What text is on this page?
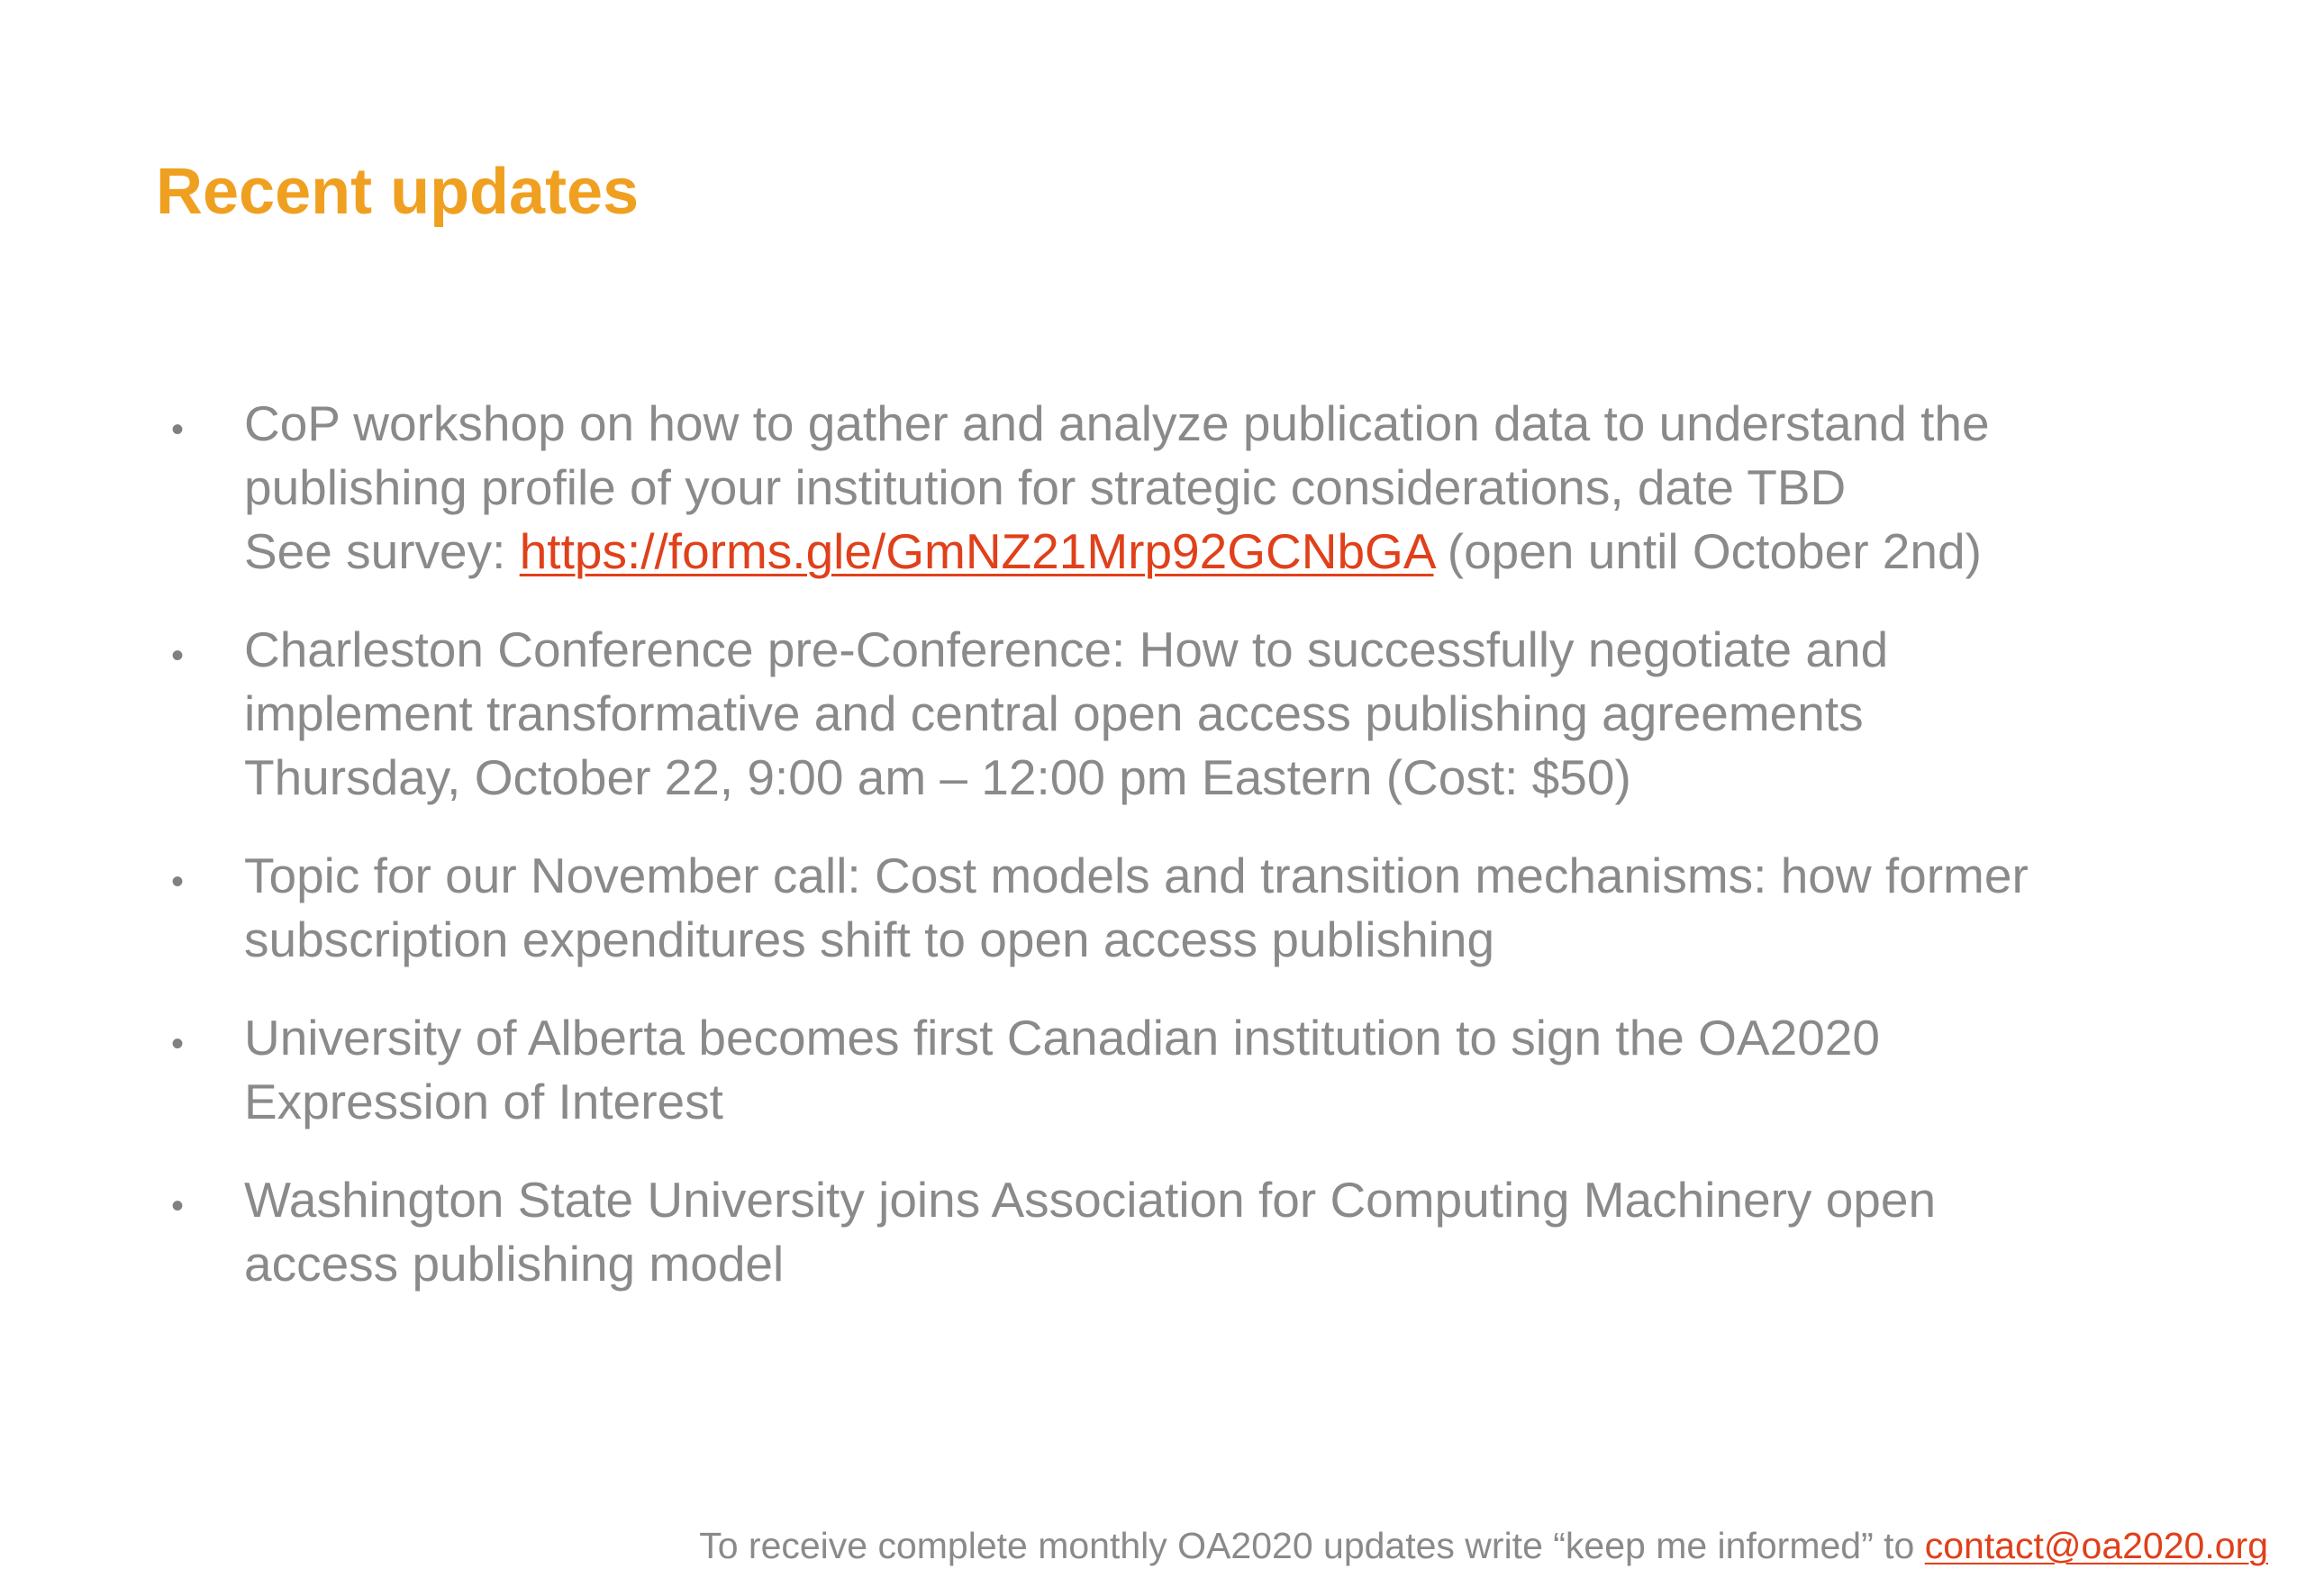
Recent updates
• CoP workshop on how to gather and analyze publication data to understand the
publishing profile of your institution for strategic considerations, date TBD
See survey: https://forms.gle/GmNZ21Mrp92GCNbGA (open until October 2nd)
• Charleston Conference pre-Conference: How to successfully negotiate and
implement transformative and central open access publishing agreements
Thursday, October 22, 9:00 am – 12:00 pm Eastern (Cost: $50)
• Topic for our November call: Cost models and transition mechanisms: how former
subscription expenditures shift to open access publishing
• University of Alberta becomes first Canadian institution to sign the OA2020
Expression of Interest
• Washington State University joins Association for Computing Machinery open
access publishing model
To receive complete monthly OA2020 updates write “keep me informed” to contact@oa2020.org
